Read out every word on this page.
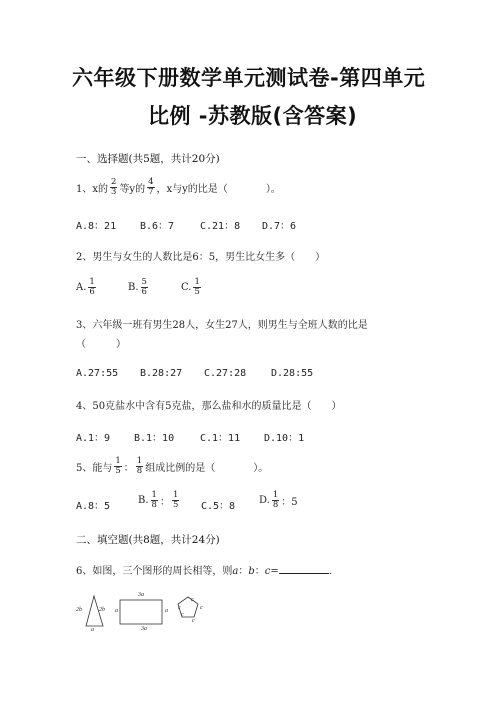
六年级下册数学单元测试卷-第四单元
比例 -苏教版(含答案)
一、选择题(共5题，共计20分)
1、x的 $\frac{2}{3}$ 等y的 $\frac{4}{7}$ ，x与y的比是（	）。
A.8：21 B.6：7	C.21：8 D.7：6
2、男生与女生的人数比是6：5，男生比女生多（　　）
A. $\frac{1}{6}$	B. $\frac{5}{6}$	C. $\frac{1}{5}$
3、六年级一班有男生28人，女生27人，则男生与全班人数的比是
（　　　）
A.27:55 B.28:27 C.27:28 D.28:55
4、50克盐水中含有5克盐，那么盐和水的质量比是（　　）
A.1：9 B.1：10	C.1：11 D.10：1
5、能与 $\frac{1}{5}$ ： $\frac{1}{8}$ 组成比例的是（	）。
A.8：5
B. $\frac{1}{8}$ ： $\frac{1}{5} C.5$：8
D. $\frac{1}{8}$ ：5
二、填空题(共8题，共计24分)
6、如图，三个图形的周长相等，则a：b：c=	.
2b	2b
a
3a
a	a
3a
c
c	c
c
c
